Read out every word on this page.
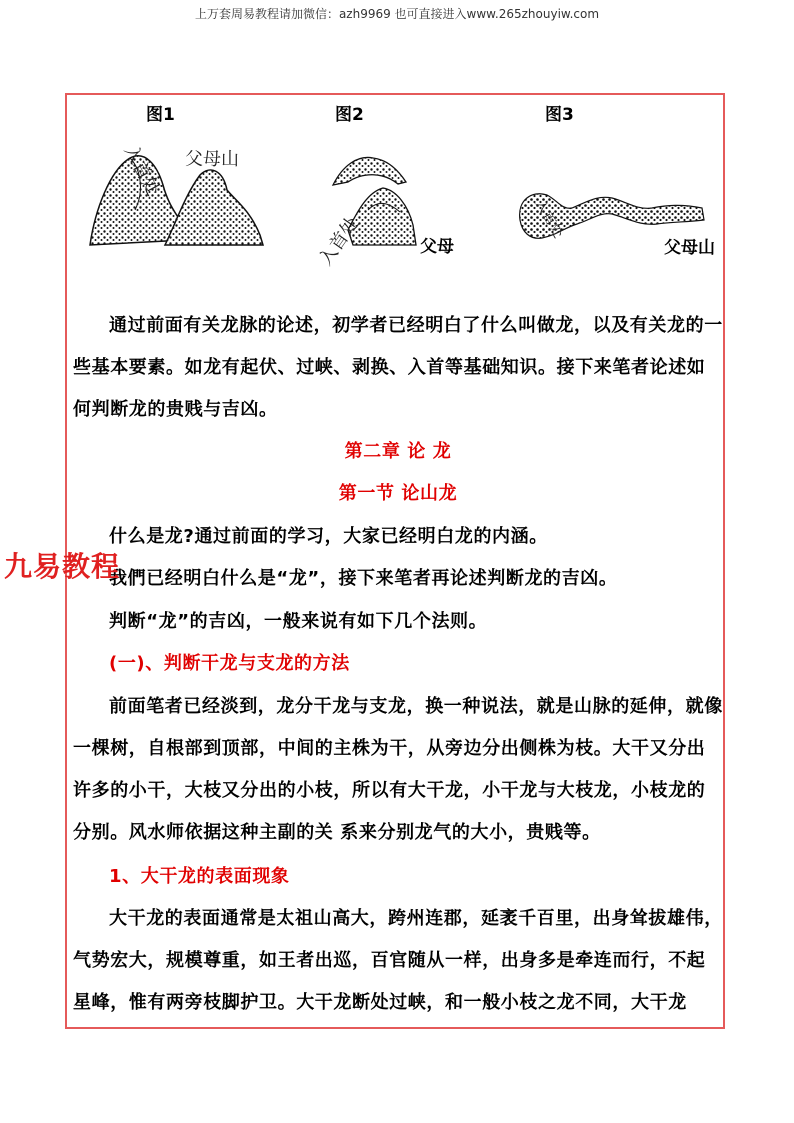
上万套周易教程请加微信：azh9969 也可直接进入www.265zhouyiw.com
图1	图2	图3
入首处	父母山
入首处	父母
入首处
父母山
通过前面有关龙脉的论述，初学者已经明白了什么叫做龙，以及有关龙的一些基本要素。如龙有起伏、过峡、剥换、入首等基础知识。接下来笔者论述如何判断龙的贵贱与吉凶。
第二章 论 龙
第一节 论山龙
什么是龙?通过前面的学习，大家已经明白龙的内涵。
我們已经明白什么是“龙”，接下来笔者再论述判断龙的吉凶。
判断“龙”的吉凶，一般来说有如下几个法则。
(一)、判断干龙与支龙的方法
前面笔者已经淡到，龙分干龙与支龙，换一种说法，就是山脉的延伸，就像一棵树，自根部到顶部，中间的主株为干，从旁边分出侧株为枝。大干又分出许多的小干，大枝又分出的小枝，所以有大干龙，小干龙与大枝龙，小枝龙的分别。风水师依据这种主副的关 系来分别龙气的大小，贵贱等。
1、大干龙的表面现象
大干龙的表面通常是太祖山高大，跨州连郡，延袤千百里，出身耸拔雄伟，气势宏大，规模尊重，如王者出巡，百官随从一样，出身多是牵连而行，不起星峰，惟有两旁枝脚护卫。大干龙断处过峡，和一般小枝之龙不同，大干龙
九易教程
